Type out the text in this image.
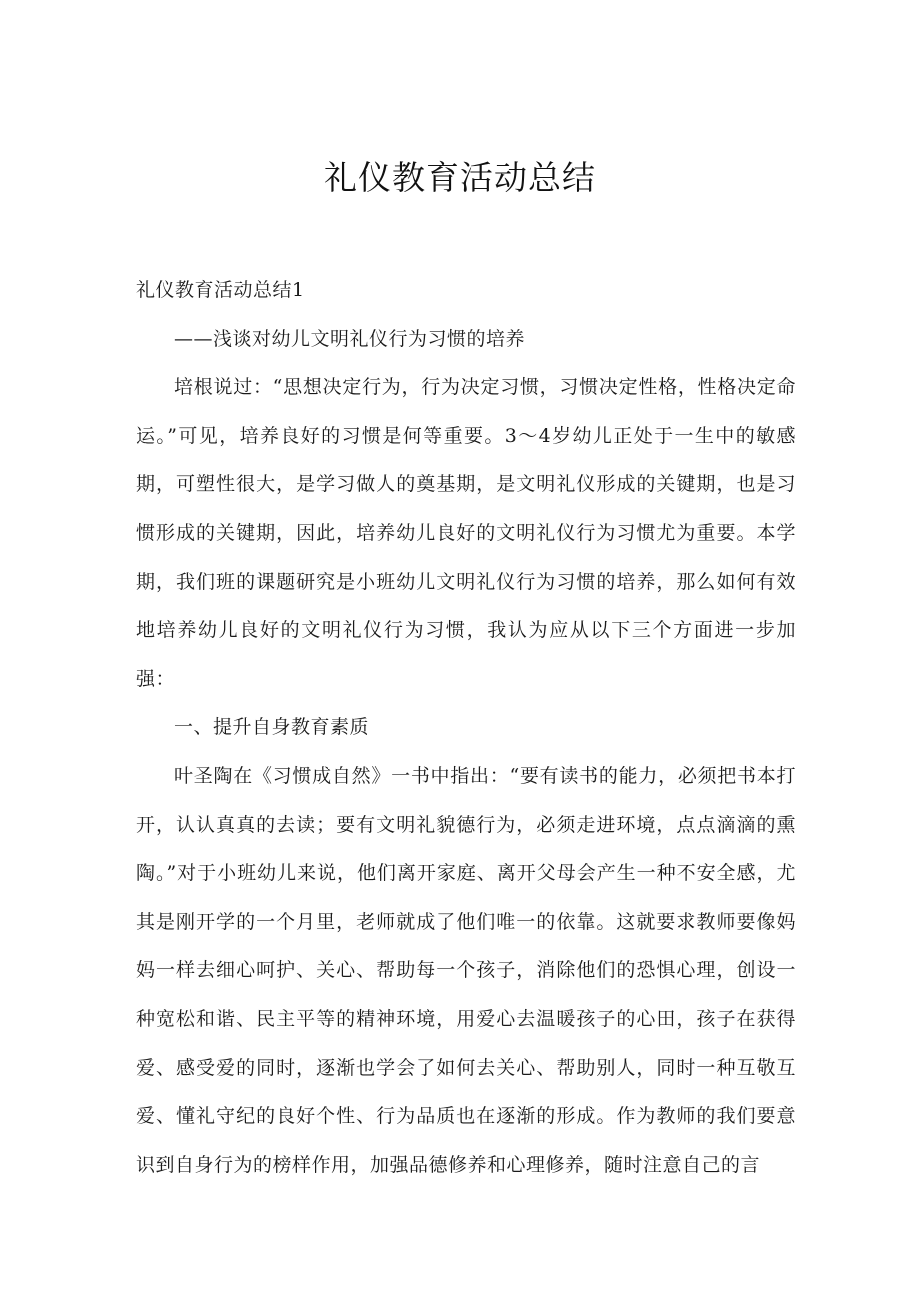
礼仪教育活动总结

礼仪教育活动总结1

——浅谈对幼儿文明礼仪行为习惯的培养

培根说过：“思想决定行为，行为决定习惯，习惯决定性格，性格决定命运。”可见，培养良好的习惯是何等重要。3〜4岁幼儿正处于一生中的敏感期，可塑性很大，是学习做人的奠基期，是文明礼仪形成的关键期，也是习惯形成的关键期，因此，培养幼儿良好的文明礼仪行为习惯尤为重要。本学期，我们班的课题研究是小班幼儿文明礼仪行为习惯的培养，那么如何有效地培养幼儿良好的文明礼仪行为习惯，我认为应从以下三个方面进一步加强：

一、提升自身教育素质

叶圣陶在《习惯成自然》一书中指出：“要有读书的能力，必须把书本打开，认认真真的去读；要有文明礼貌德行为，必须走进环境，点点滴滴的熏陶。”对于小班幼儿来说，他们离开家庭、离开父母会产生一种不安全感，尤其是刚开学的一个月里，老师就成了他们唯一的依靠。这就要求教师要像妈妈一样去细心呵护、关心、帮助每一个孩子，消除他们的恐惧心理，创设一种宽松和谐、民主平等的精神环境，用爱心去温暖孩子的心田，孩子在获得爱、感受爱的同时，逐渐也学会了如何去关心、帮助别人，同时一种互敬互爱、懂礼守纪的良好个性、行为品质也在逐渐的形成。作为教师的我们要意识到自身行为的榜样作用，加强品德修养和心理修养，随时注意自己的言
